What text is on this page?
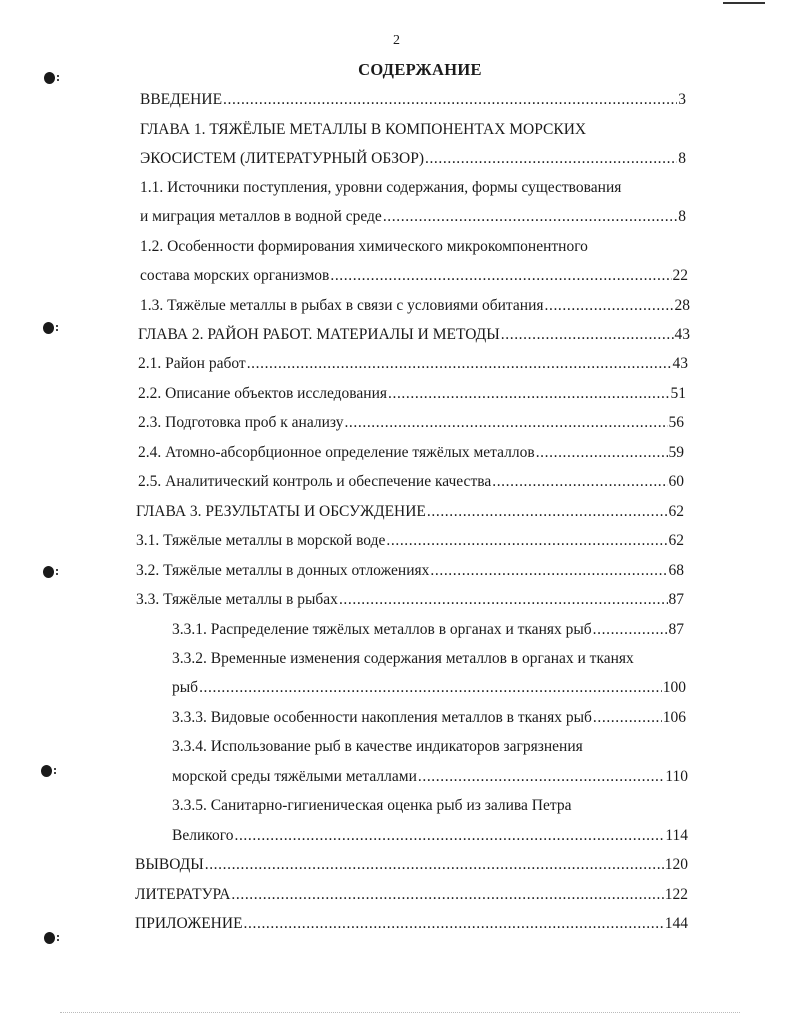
2
СОДЕРЖАНИЕ
ВВЕДЕНИЕ .....	3
ГЛАВА 1. ТЯЖЁЛЫЕ МЕТАЛЛЫ В КОМПОНЕНТАХ МОРСКИХ
ЭКОСИСТЕМ (ЛИТЕРАТУРНЫЙ ОБЗОР) .....	8
1.1. Источники поступления, уровни содержания, формы существования
и миграция металлов в водной среде .....	8
1.2. Особенности формирования химического микрокомпонентного
состава морских организмов .....	22
1.3. Тяжёлые металлы в рыбах в связи с условиями обитания .....	28
ГЛАВА 2. РАЙОН РАБОТ. МАТЕРИАЛЫ И МЕТОДЫ .....	43
2.1. Район работ .....	43
2.2. Описание объектов исследования .....	51
2.3. Подготовка проб к анализу .....	56
2.4. Атомно-абсорбционное определение тяжёлых металлов .....	59
2.5. Аналитический контроль и обеспечение качества .....	60
ГЛАВА 3. РЕЗУЛЬТАТЫ И ОБСУЖДЕНИЕ .....	62
3.1. Тяжёлые металлы в морской воде .....	62
3.2. Тяжёлые металлы в донных отложениях .....	68
3.3. Тяжёлые металлы в рыбах .....	87
3.3.1. Распределение тяжёлых металлов в органах и тканях рыб .....	87
3.3.2. Временные изменения содержания металлов в органах и тканях
рыб .....	100
3.3.3. Видовые особенности накопления металлов в тканях рыб .....	106
3.3.4. Использование рыб в качестве индикаторов загрязнения
морской среды тяжёлыми металлами .....	110
3.3.5. Санитарно-гигиеническая оценка рыб из залива Петра
Великого .....	114
ВЫВОДЫ .....	120
ЛИТЕРАТУРА .....	122
ПРИЛОЖЕНИЕ .....	144
